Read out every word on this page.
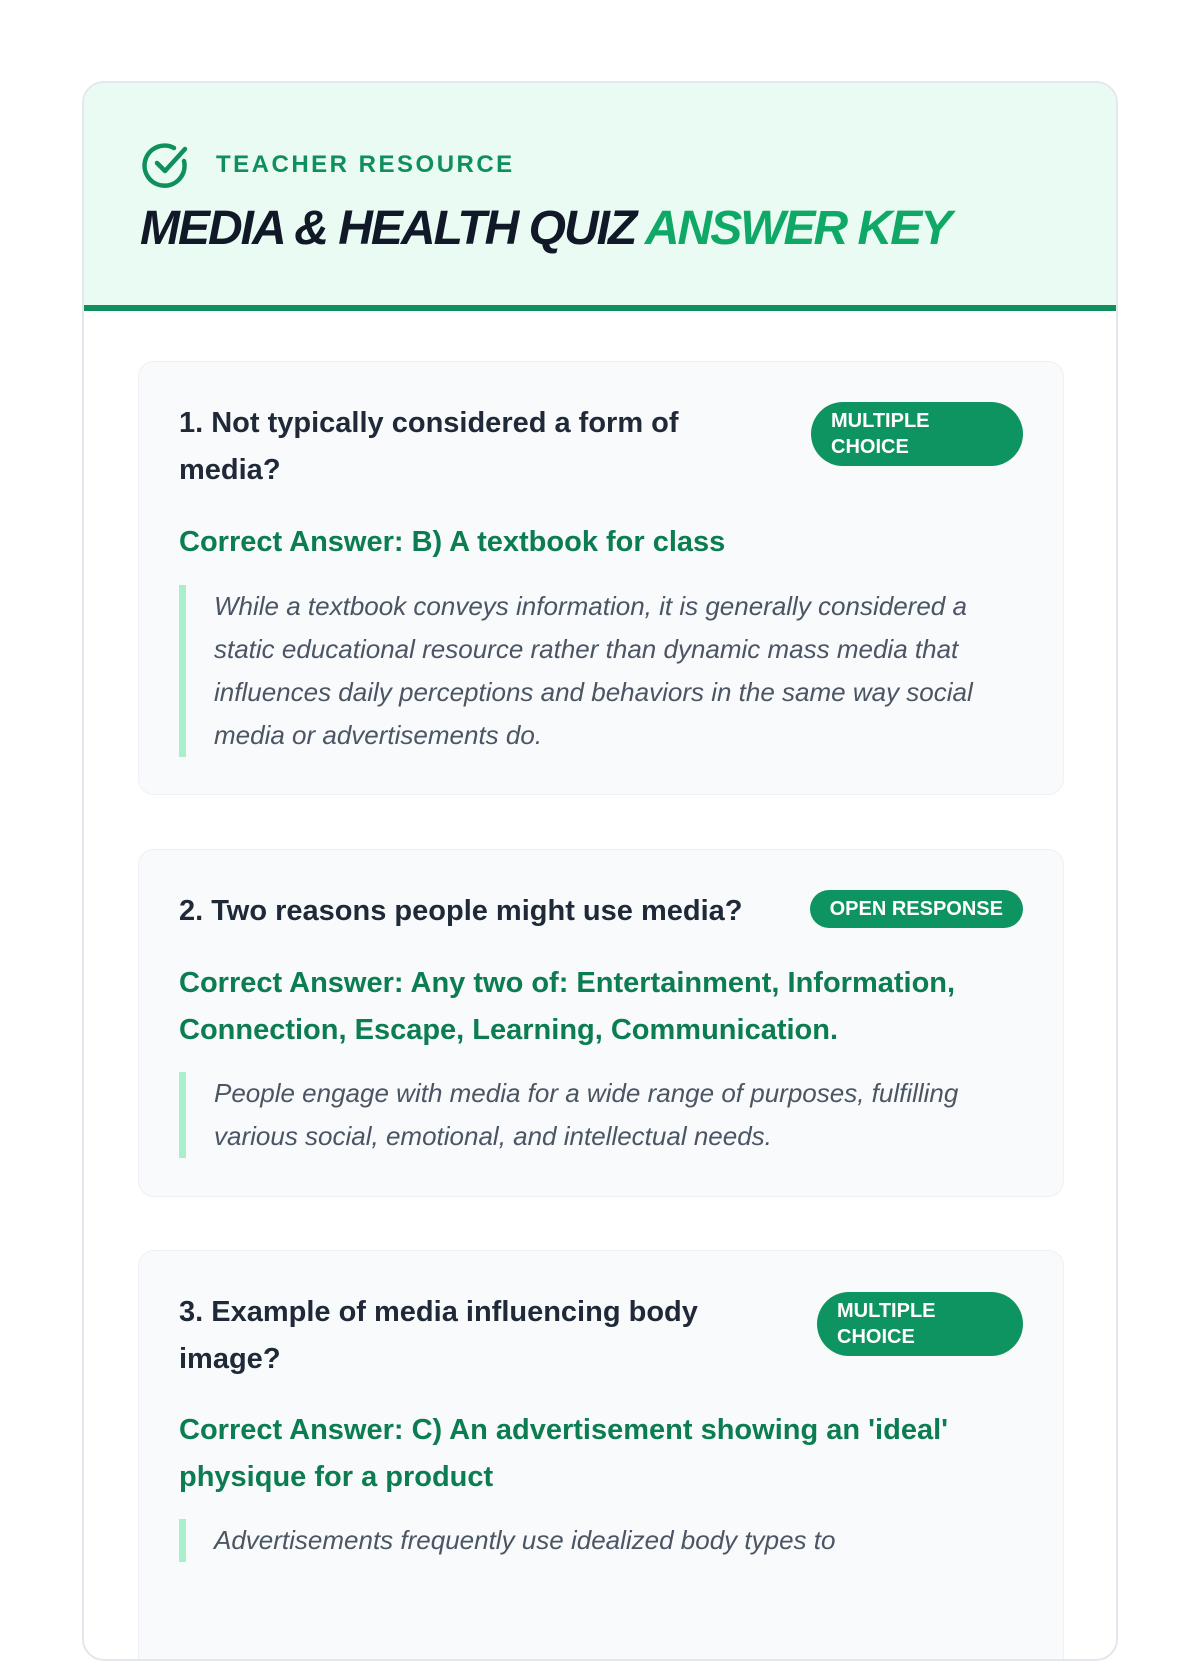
TEACHER RESOURCE
MEDIA & HEALTH QUIZ ANSWER KEY

1. Not typically considered a form of media?

MULTIPLE CHOICE

Correct Answer: B) A textbook for class

While a textbook conveys information, it is generally considered a static educational resource rather than dynamic mass media that influences daily perceptions and behaviors in the same way social media or advertisements do.

2. Two reasons people might use media?	OPEN RESPONSE

Correct Answer: Any two of: Entertainment, Information, Connection, Escape, Learning, Communication.

People engage with media for a wide range of purposes, fulfilling various social, emotional, and intellectual needs.

3. Example of media influencing body image?

MULTIPLE CHOICE

Correct Answer: C) An advertisement showing an 'ideal' physique for a product

Advertisements frequently use idealized body types to
